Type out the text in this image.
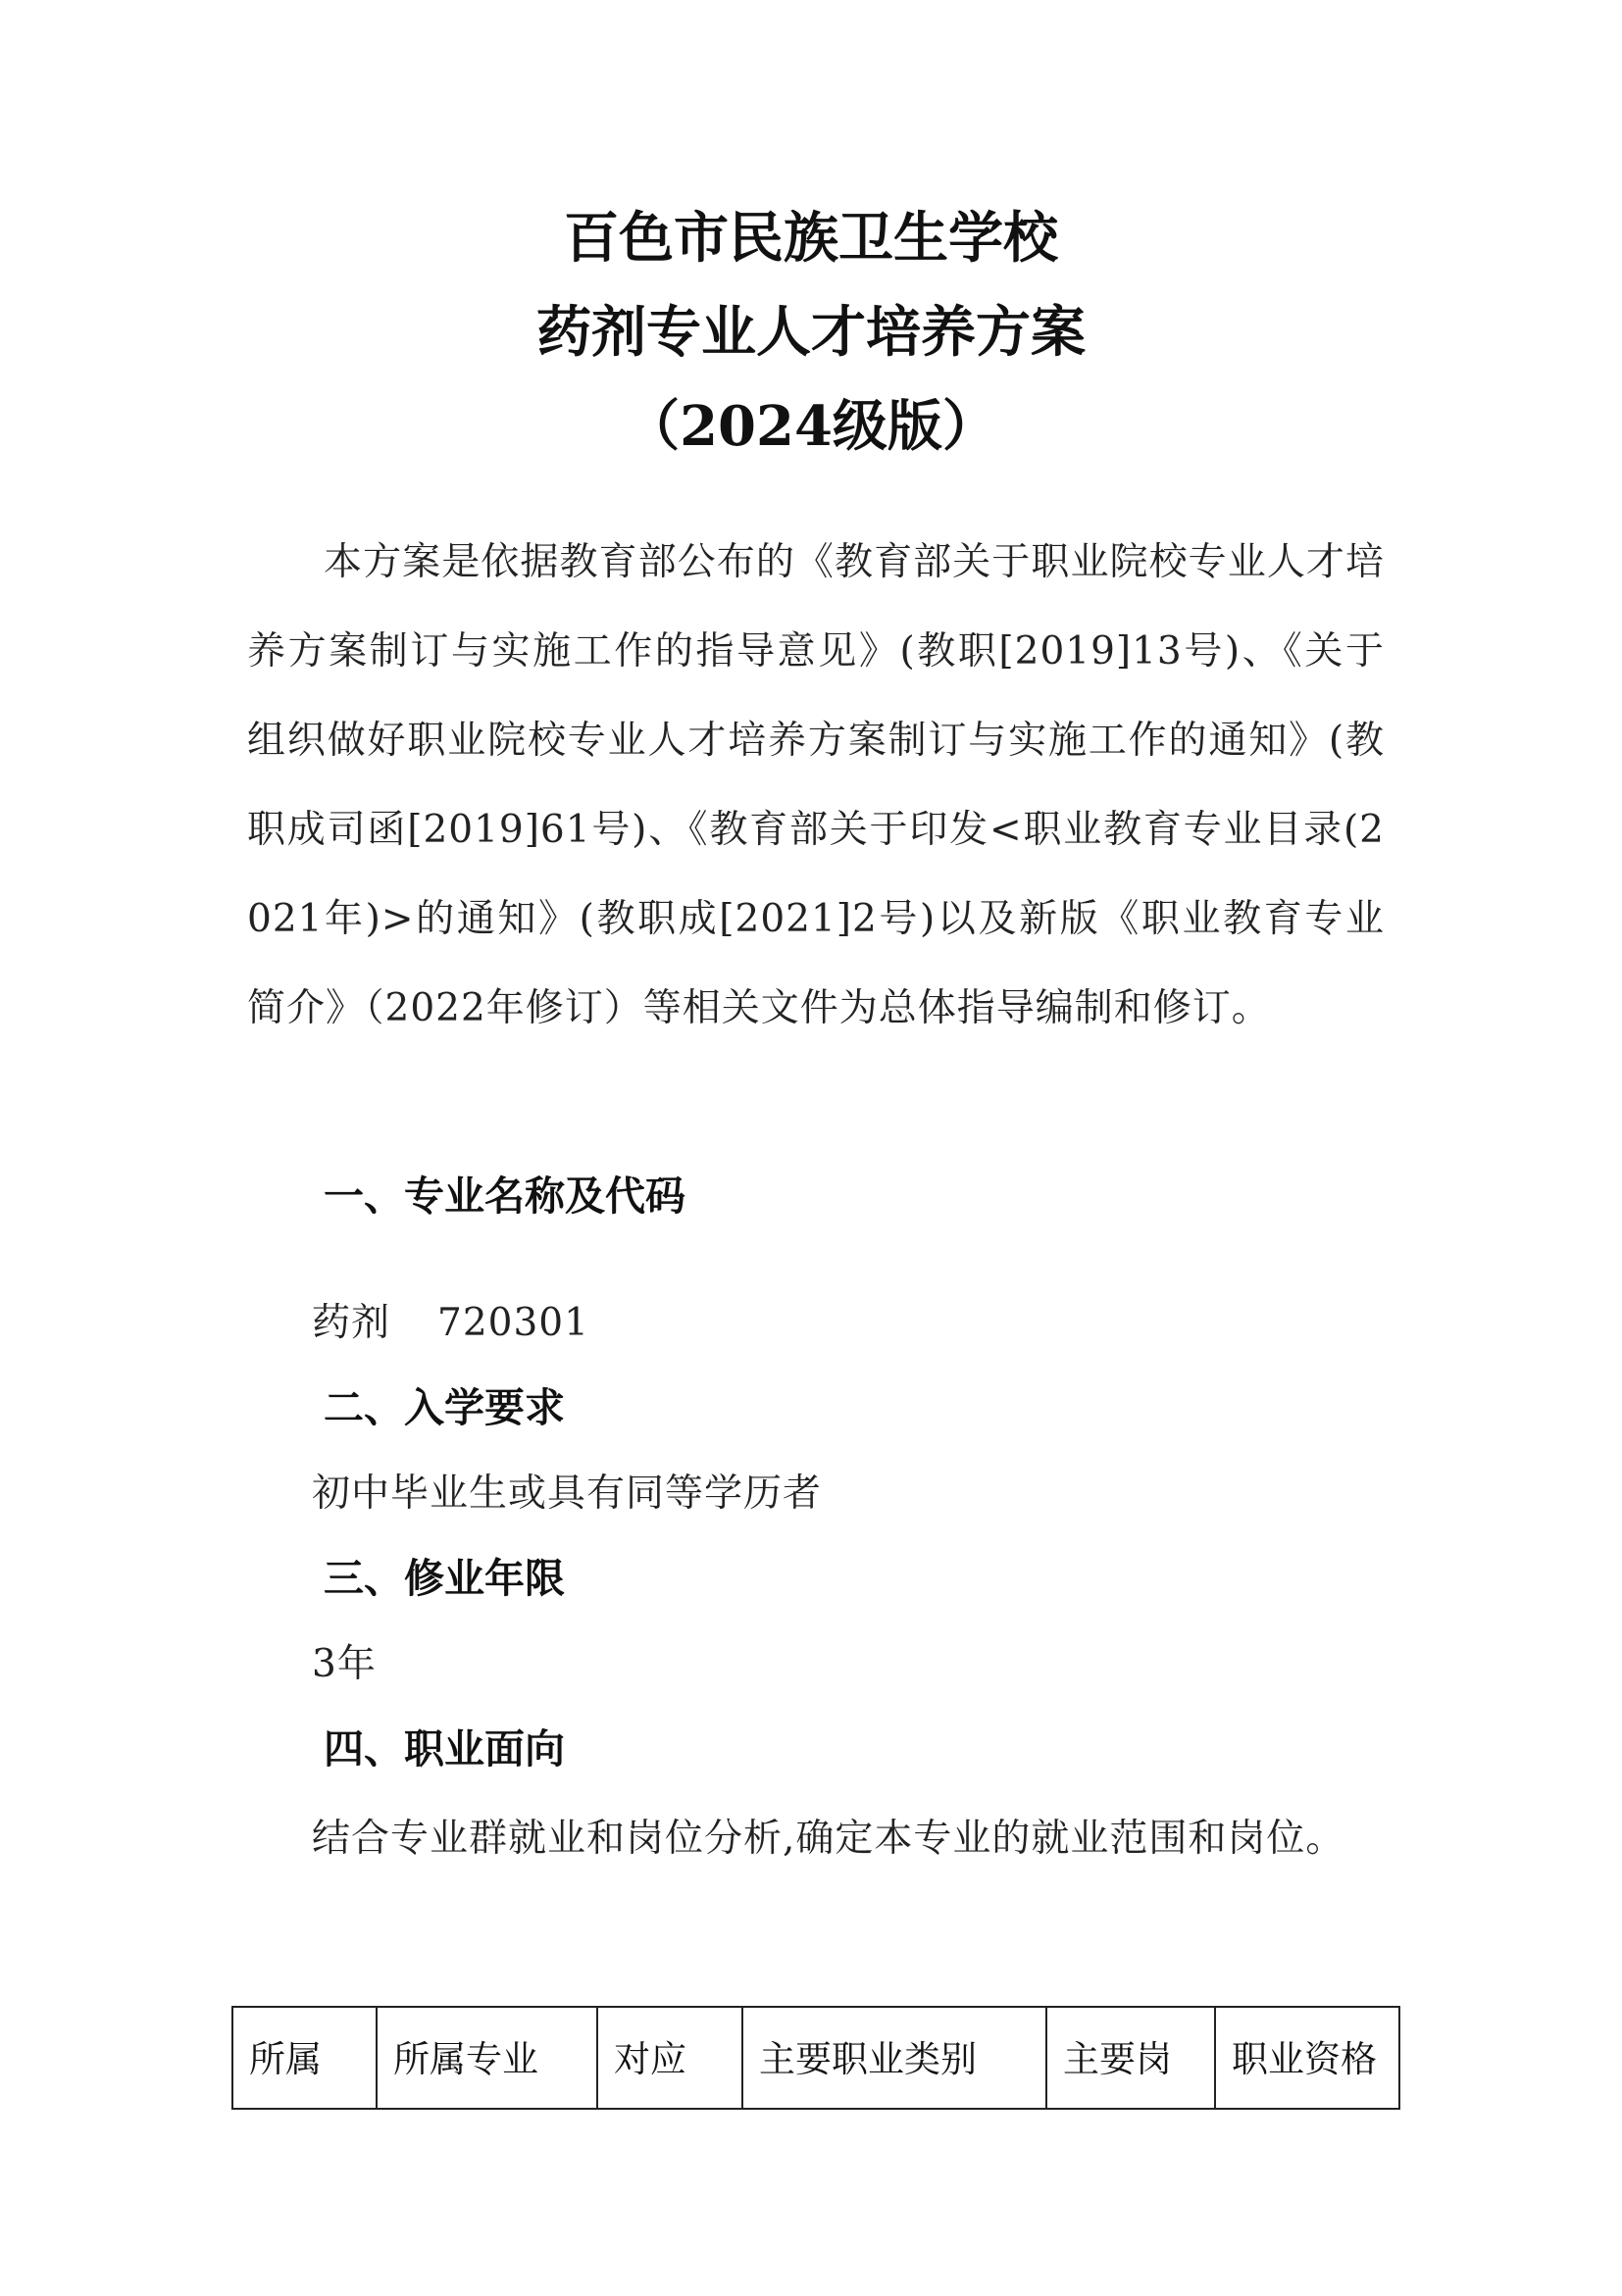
百色市民族卫生学校
药剂专业人才培养方案
（2024级版）
本方案是依据教育部公布的《教育部关于职业院校专业人才培养方案制订与实施工作的指导意见》(教职[2019]13号)、《关于组织做好职业院校专业人才培养方案制订与实施工作的通知》(教职成司函[2019]61号)、《教育部关于印发<职业教育专业目录(2021年)>的通知》(教职成[2021]2号)以及新版《职业教育专业简介》（2022年修订）等相关文件为总体指导编制和修订。
一、专业名称及代码
药剂 720301
二、入学要求
初中毕业生或具有同等学历者
三、修业年限
3年
四、职业面向
结合专业群就业和岗位分析,确定本专业的就业范围和岗位。
所属	所属专业	对应	主要职业类别	主要岗	职业资格
